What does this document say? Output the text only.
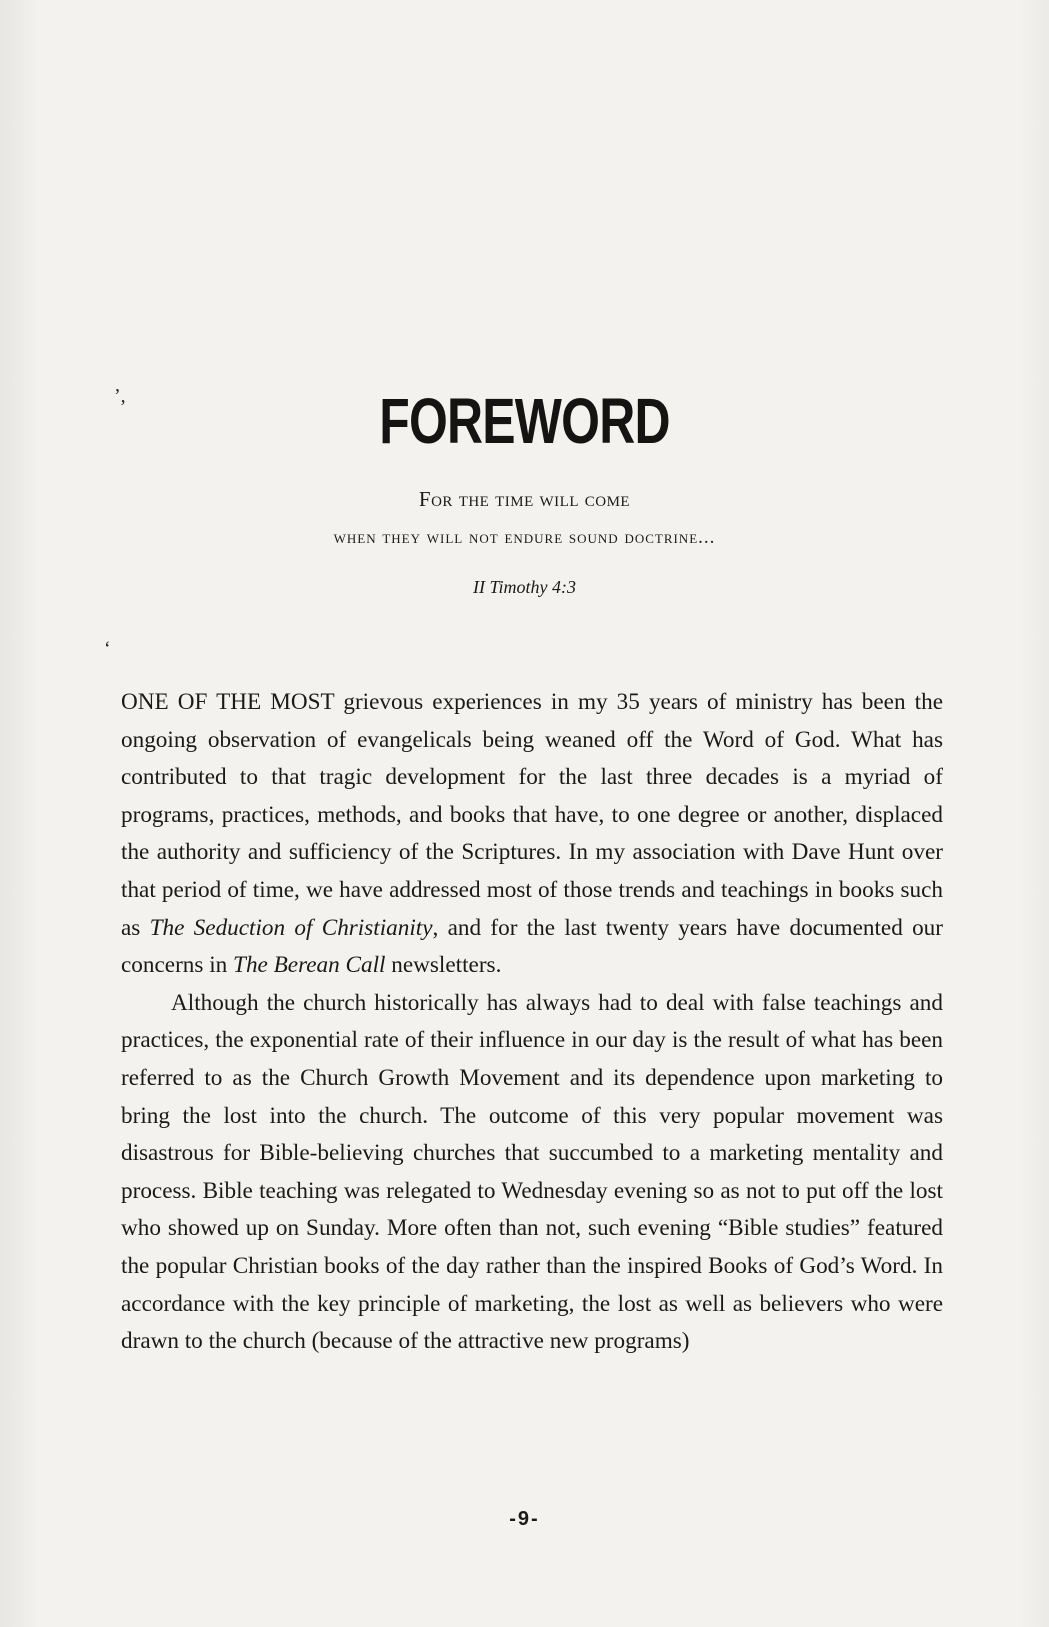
’,
‘
FOREWORD
For the time will come
when they will not endure sound doctrine...
II Timothy 4:3

ONE OF THE MOST grievous experiences in my 35 years of ministry has been the ongoing observation of evangelicals being weaned off the Word of God. What has contributed to that tragic development for the last three decades is a myriad of programs, practices, methods, and books that have, to one degree or another, displaced the authority and sufficiency of the Scriptures. In my association with Dave Hunt over that period of time, we have addressed most of those trends and teachings in books such as The Seduction of Christianity, and for the last twenty years have documented our concerns in The Berean Call newsletters.

Although the church historically has always had to deal with false teachings and practices, the exponential rate of their influence in our day is the result of what has been referred to as the Church Growth Movement and its dependence upon marketing to bring the lost into the church. The outcome of this very popular movement was disastrous for Bible-believing churches that succumbed to a marketing mentality and process. Bible teaching was relegated to Wednesday evening so as not to put off the lost who showed up on Sunday. More often than not, such evening “Bible studies” featured the popular Christian books of the day rather than the inspired Books of God’s Word. In accordance with the key principle of marketing, the lost as well as believers who were drawn to the church (because of the attractive new programs)

-9-
